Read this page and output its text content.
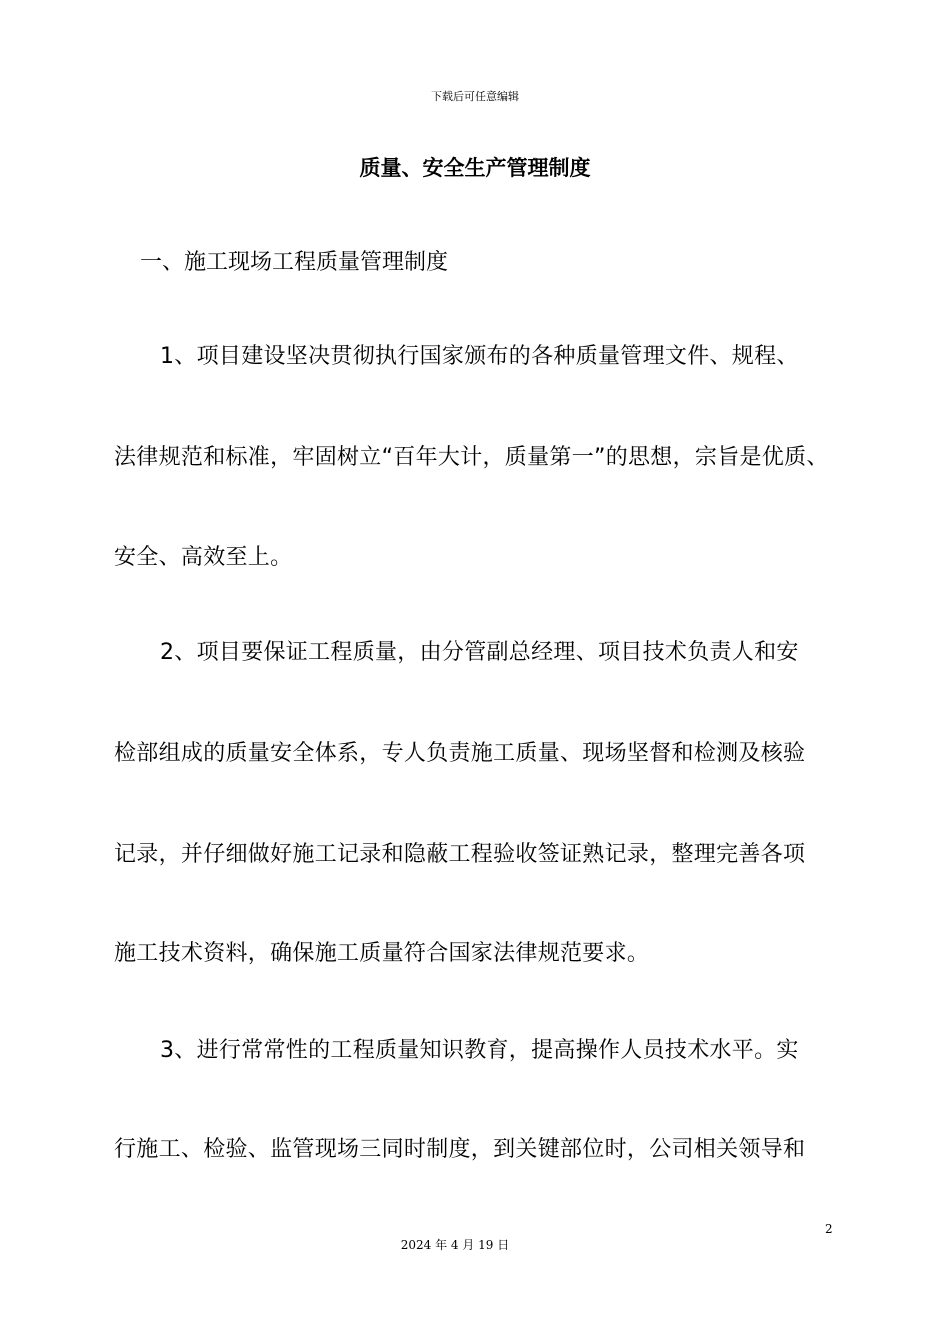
下载后可任意编辑
质量、安全生产管理制度
一、施工现场工程质量管理制度
1、项目建设坚决贯彻执行国家颁布的各种质量管理文件、规程、
法律规范和标准，牢固树立“百年大计，质量第一”的思想，宗旨是优质、
安全、高效至上。
2、项目要保证工程质量，由分管副总经理、项目技术负责人和安
检部组成的质量安全体系，专人负责施工质量、现场坚督和检测及核验
记录，并仔细做好施工记录和隐蔽工程验收签证熟记录，整理完善各项
施工技术资料，确保施工质量符合国家法律规范要求。
3、进行常常性的工程质量知识教育，提高操作人员技术水平。实
行施工、检验、监管现场三同时制度，到关键部位时，公司相关领导和
2
2024 年 4 月 19 日
